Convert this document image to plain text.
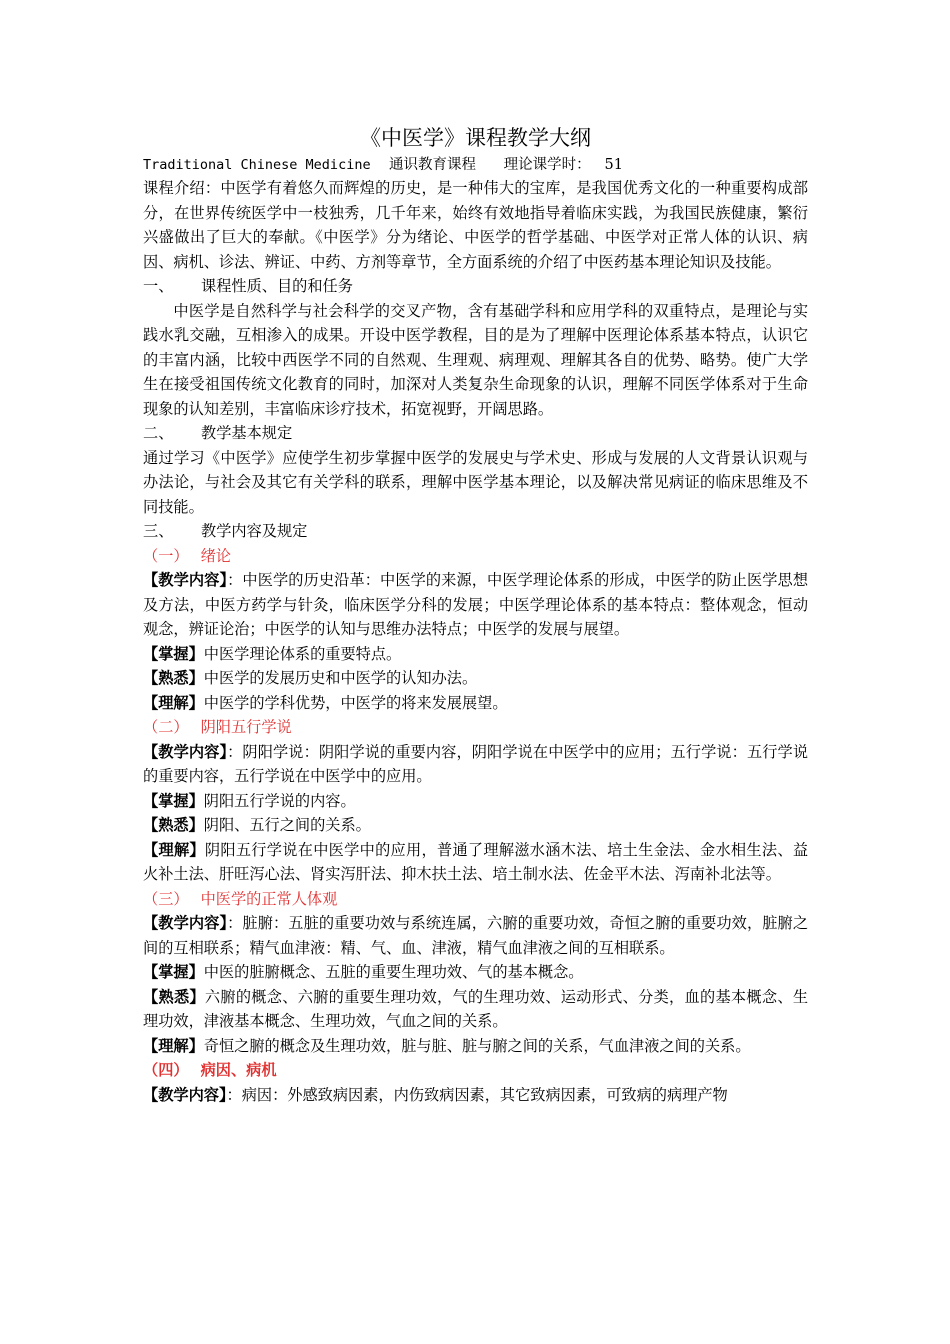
《中医学》课程教学大纲
Traditional Chinese Medicine 通识教育课程 理论课学时： 51

课程介绍：中医学有着悠久而辉煌的历史，是一种伟大的宝库，是我国优秀文化的一种重要构成部分，在世界传统医学中一枝独秀，几千年来，始终有效地指导着临床实践，为我国民族健康，繁衍兴盛做出了巨大的奉献。《中医学》分为绪论、中医学的哲学基础、中医学对正常人体的认识、病因、病机、诊法、辨证、中药、方剂等章节，全方面系统的介绍了中医药基本理论知识及技能。

一、 课程性质、目的和任务

中医学是自然科学与社会科学的交叉产物，含有基础学科和应用学科的双重特点，是理论与实践水乳交融，互相渗入的成果。开设中医学教程，目的是为了理解中医理论体系基本特点，认识它的丰富内涵，比较中西医学不同的自然观、生理观、病理观、理解其各自的优势、略势。使广大学生在接受祖国传统文化教育的同时，加深对人类复杂生命现象的认识，理解不同医学体系对于生命现象的认知差别，丰富临床诊疗技术，拓宽视野，开阔思路。

二、 教学基本规定

通过学习《中医学》应使学生初步掌握中医学的发展史与学术史、形成与发展的人文背景认识观与办法论，与社会及其它有关学科的联系，理解中医学基本理论，以及解决常见病证的临床思维及不同技能。

三、 教学内容及规定

（一） 绪论

【教学内容】：中医学的历史沿革：中医学的来源，中医学理论体系的形成，中医学的防止医学思想及方法，中医方药学与针灸，临床医学分科的发展；中医学理论体系的基本特点：整体观念，恒动观念，辨证论治；中医学的认知与思维办法特点；中医学的发展与展望。

【掌握】中医学理论体系的重要特点。

【熟悉】中医学的发展历史和中医学的认知办法。

【理解】中医学的学科优势，中医学的将来发展展望。

（二） 阴阳五行学说

【教学内容】：阴阳学说：阴阳学说的重要内容，阴阳学说在中医学中的应用；五行学说：五行学说的重要内容，五行学说在中医学中的应用。

【掌握】阴阳五行学说的内容。

【熟悉】阴阳、五行之间的关系。

【理解】阴阳五行学说在中医学中的应用，普通了理解滋水涵木法、培土生金法、金水相生法、益火补土法、肝旺泻心法、肾实泻肝法、抑木扶土法、培土制水法、佐金平木法、泻南补北法等。

（三） 中医学的正常人体观

【教学内容】：脏腑：五脏的重要功效与系统连属，六腑的重要功效，奇恒之腑的重要功效，脏腑之间的互相联系；精气血津液：精、气、血、津液，精气血津液之间的互相联系。

【掌握】中医的脏腑概念、五脏的重要生理功效、气的基本概念。

【熟悉】六腑的概念、六腑的重要生理功效，气的生理功效、运动形式、分类，血的基本概念、生理功效，津液基本概念、生理功效，气血之间的关系。

【理解】奇恒之腑的概念及生理功效，脏与脏、脏与腑之间的关系，气血津液之间的关系。

（四） 病因、病机

【教学内容】：病因：外感致病因素，内伤致病因素，其它致病因素，可致病的病理产物
